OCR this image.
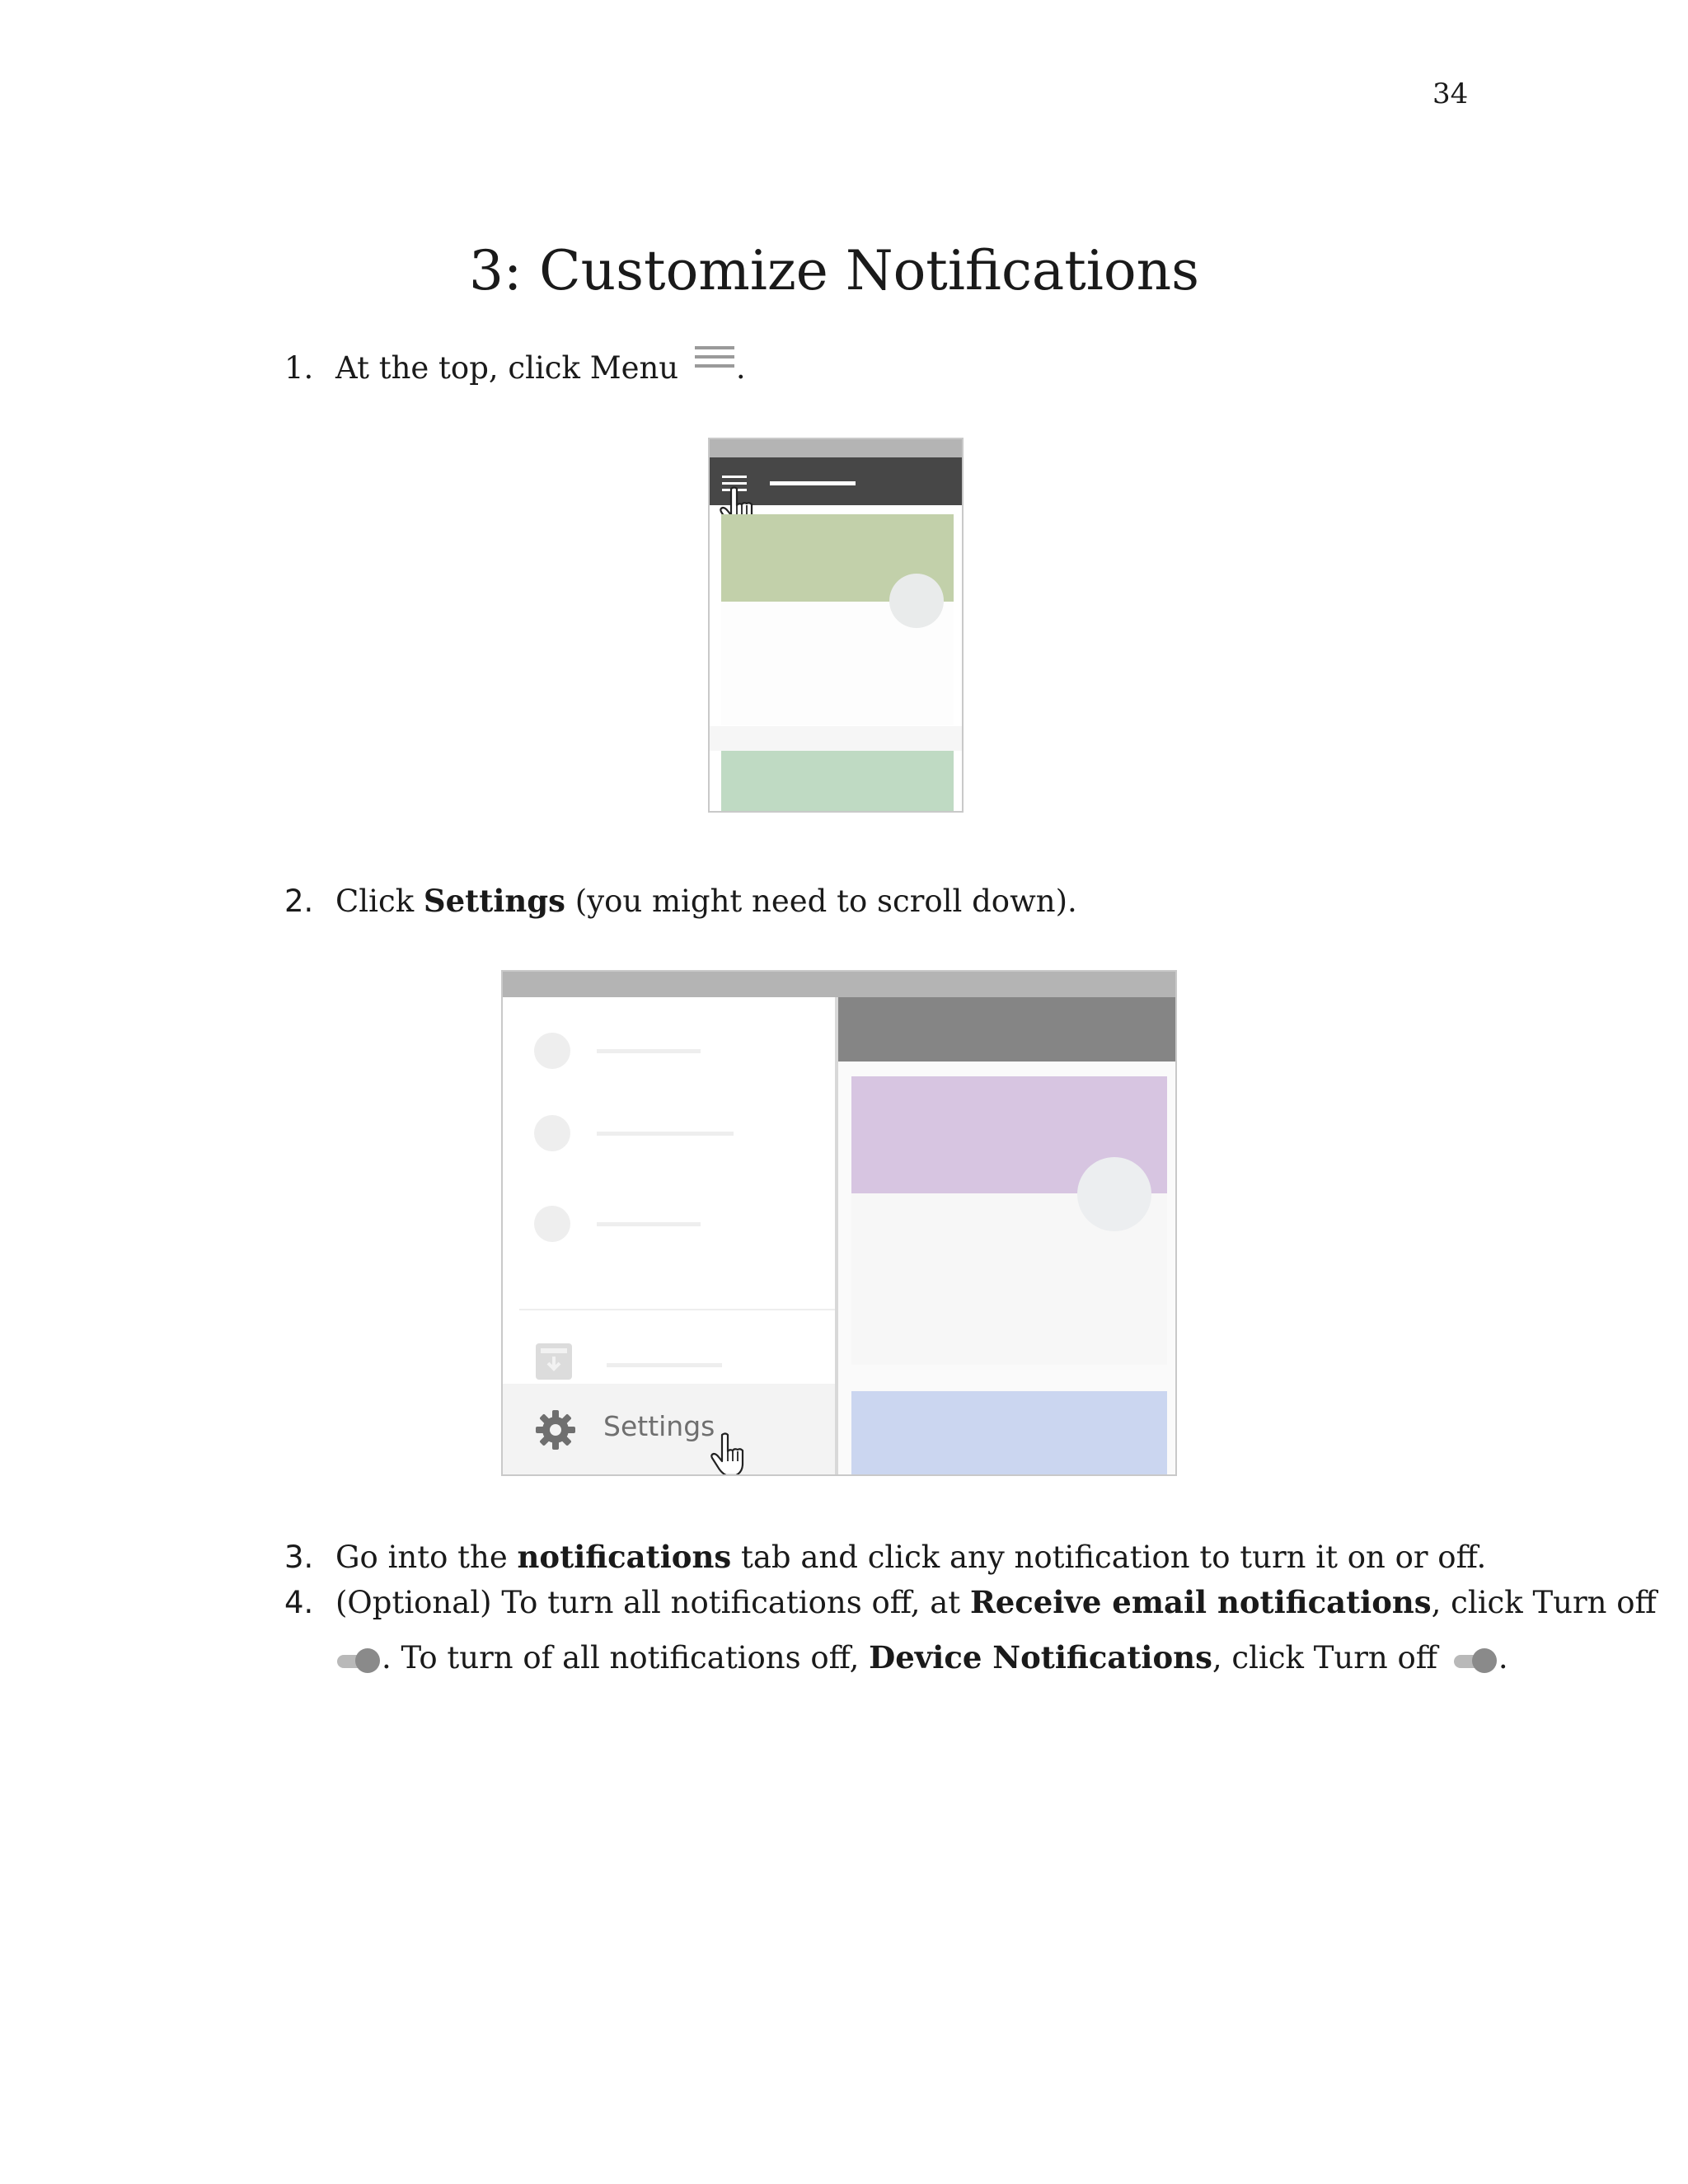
34
3: Customize Notifications
1. At the top, click Menu .
2. Click Settings (you might need to scroll down).
Settings
3. Go into the notifications tab and click any notification to turn it on or off.
4. (Optional) To turn all notifications off, at Receive email notifications, click Turn off
. To turn of all notifications off, Device Notifications, click Turn off .
